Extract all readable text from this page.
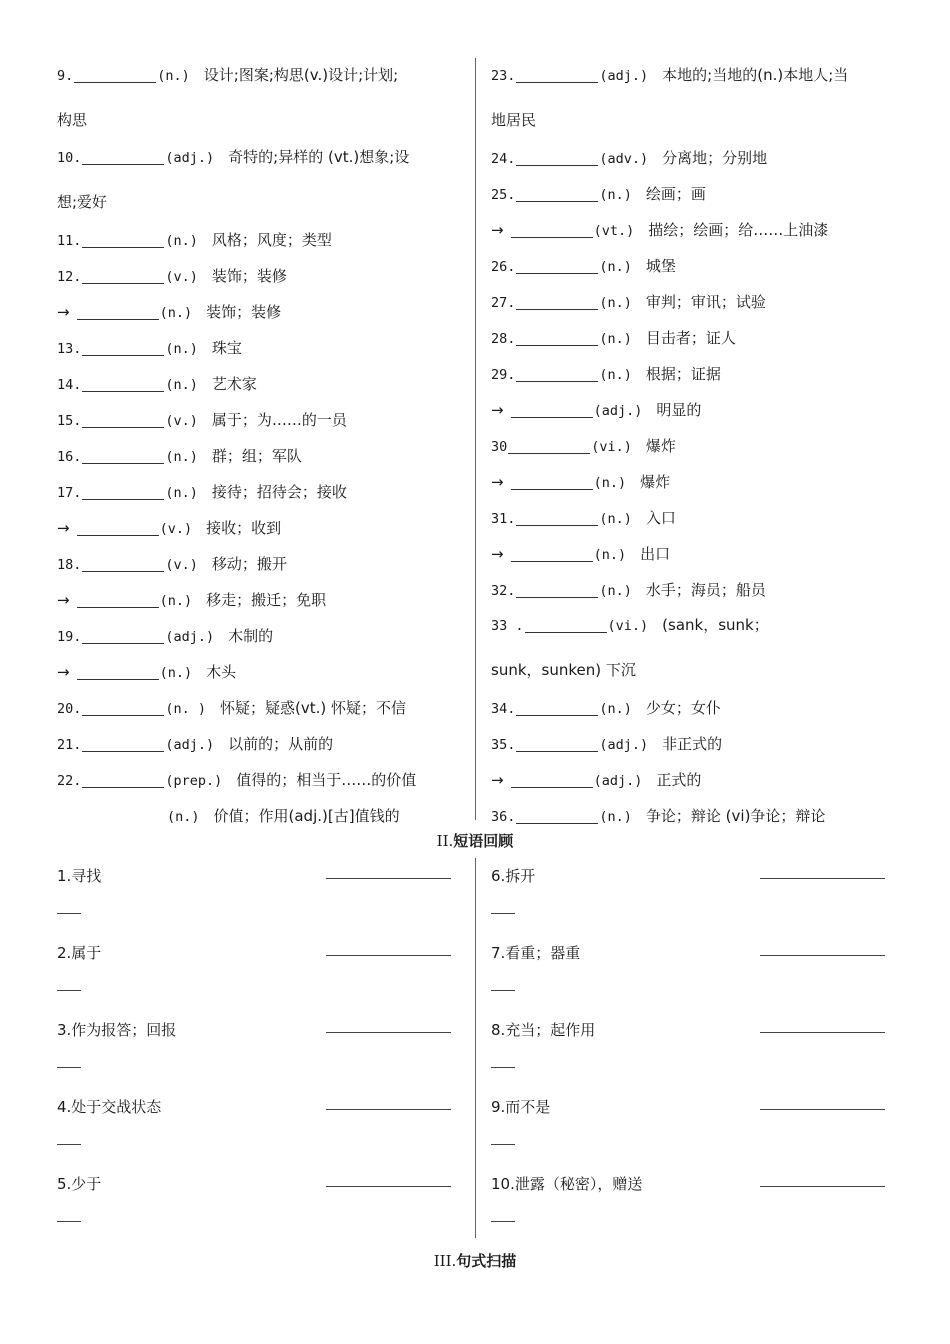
9.	(n.) 设计;图案;构思(v.)设计;计划;
构思
10.	(adj.) 奇特的;异样的 (vt.)想象;设
想;爱好
11.	(n.) 风格；风度；类型
12.	(v.) 装饰；装修
→	(n.) 装饰；装修
13.	(n.) 珠宝
14.	(n.) 艺术家
15.	(v.) 属于；为……的一员
16.	(n.) 群；组；军队
17.	(n.) 接待；招待会；接收
→	(v.) 接收；收到
18.	(v.) 移动；搬开
→	(n.) 移走；搬迁；免职
19.	(adj.) 木制的
→	(n.) 木头
20.	(n. ) 怀疑；疑惑(vt.) 怀疑；不信
21.	(adj.) 以前的；从前的
22.	(prep.) 值得的；相当于……的价值
(n.) 价值；作用(adj.)[古]值钱的
23.	(adj.) 本地的;当地的(n.)本地人;当
地居民
24.	(adv.) 分离地；分别地
25.	(n.) 绘画；画
→	(vt.) 描绘；绘画；给……上油漆
26.	(n.) 城堡
27.	(n.) 审判；审讯；试验
28.	(n.) 目击者；证人
29.	(n.) 根据；证据
→	(adj.) 明显的
30	(vi.) 爆炸
→	(n.) 爆炸
31.	(n.) 入口
→	(n.) 出口
32.	(n.) 水手；海员；船员
33 .	(vi.) (sank，sunk；
sunk，sunken) 下沉
34.	(n.) 少女；女仆
35.	(adj.) 非正式的
→	(adj.) 正式的
36.	(n.) 争论；辩论 (vi)争论；辩论
II.短语回顾
1.寻找
2.属于
3.作为报答；回报
4.处于交战状态
5.少于
6.拆开
7.看重；器重
8.充当；起作用
9.而不是
10.泄露（秘密），赠送
III.句式扫描
